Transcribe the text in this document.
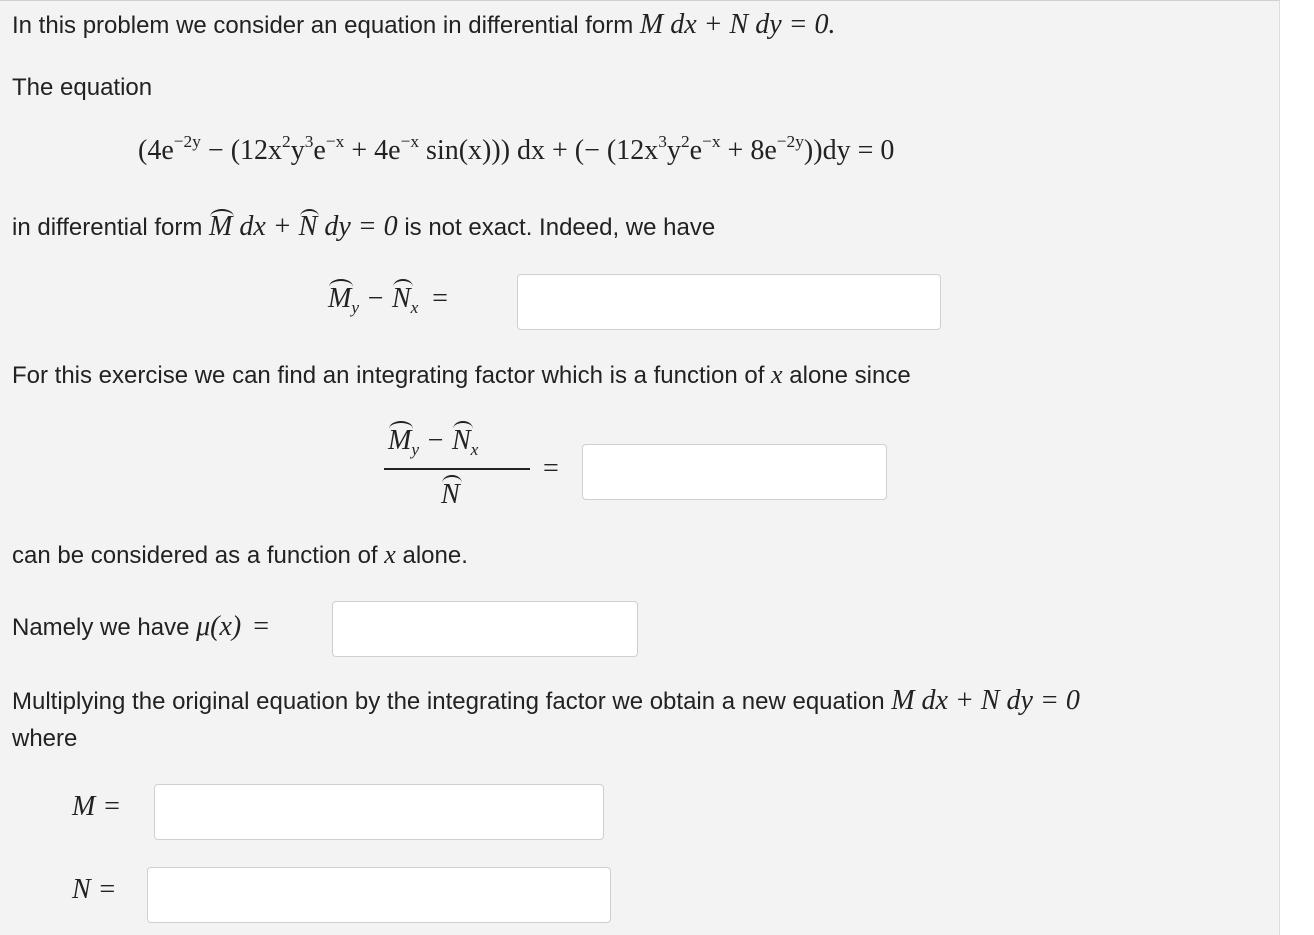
In this problem we consider an equation in differential form M dx + N dy = 0.
The equation
($4e^{-2y} - (12x^2y^3e^{-x} + 4e^{-x}$ sin(x))) dx + (− $(12x^3y^2e^{-x} + 8e^{-2y}))dy = 0$
in differential form M dx + N dy = 0 is not exact. Indeed, we have
$M_y - N_x$ =
For this exercise we can find an integrating factor which is a function of x alone since
$M_y - N_x$
N
=
can be considered as a function of x alone.
Namely we have μ(x) =
Multiplying the original equation by the integrating factor we obtain a new equation M dx + N dy = 0
where
M =
N =
